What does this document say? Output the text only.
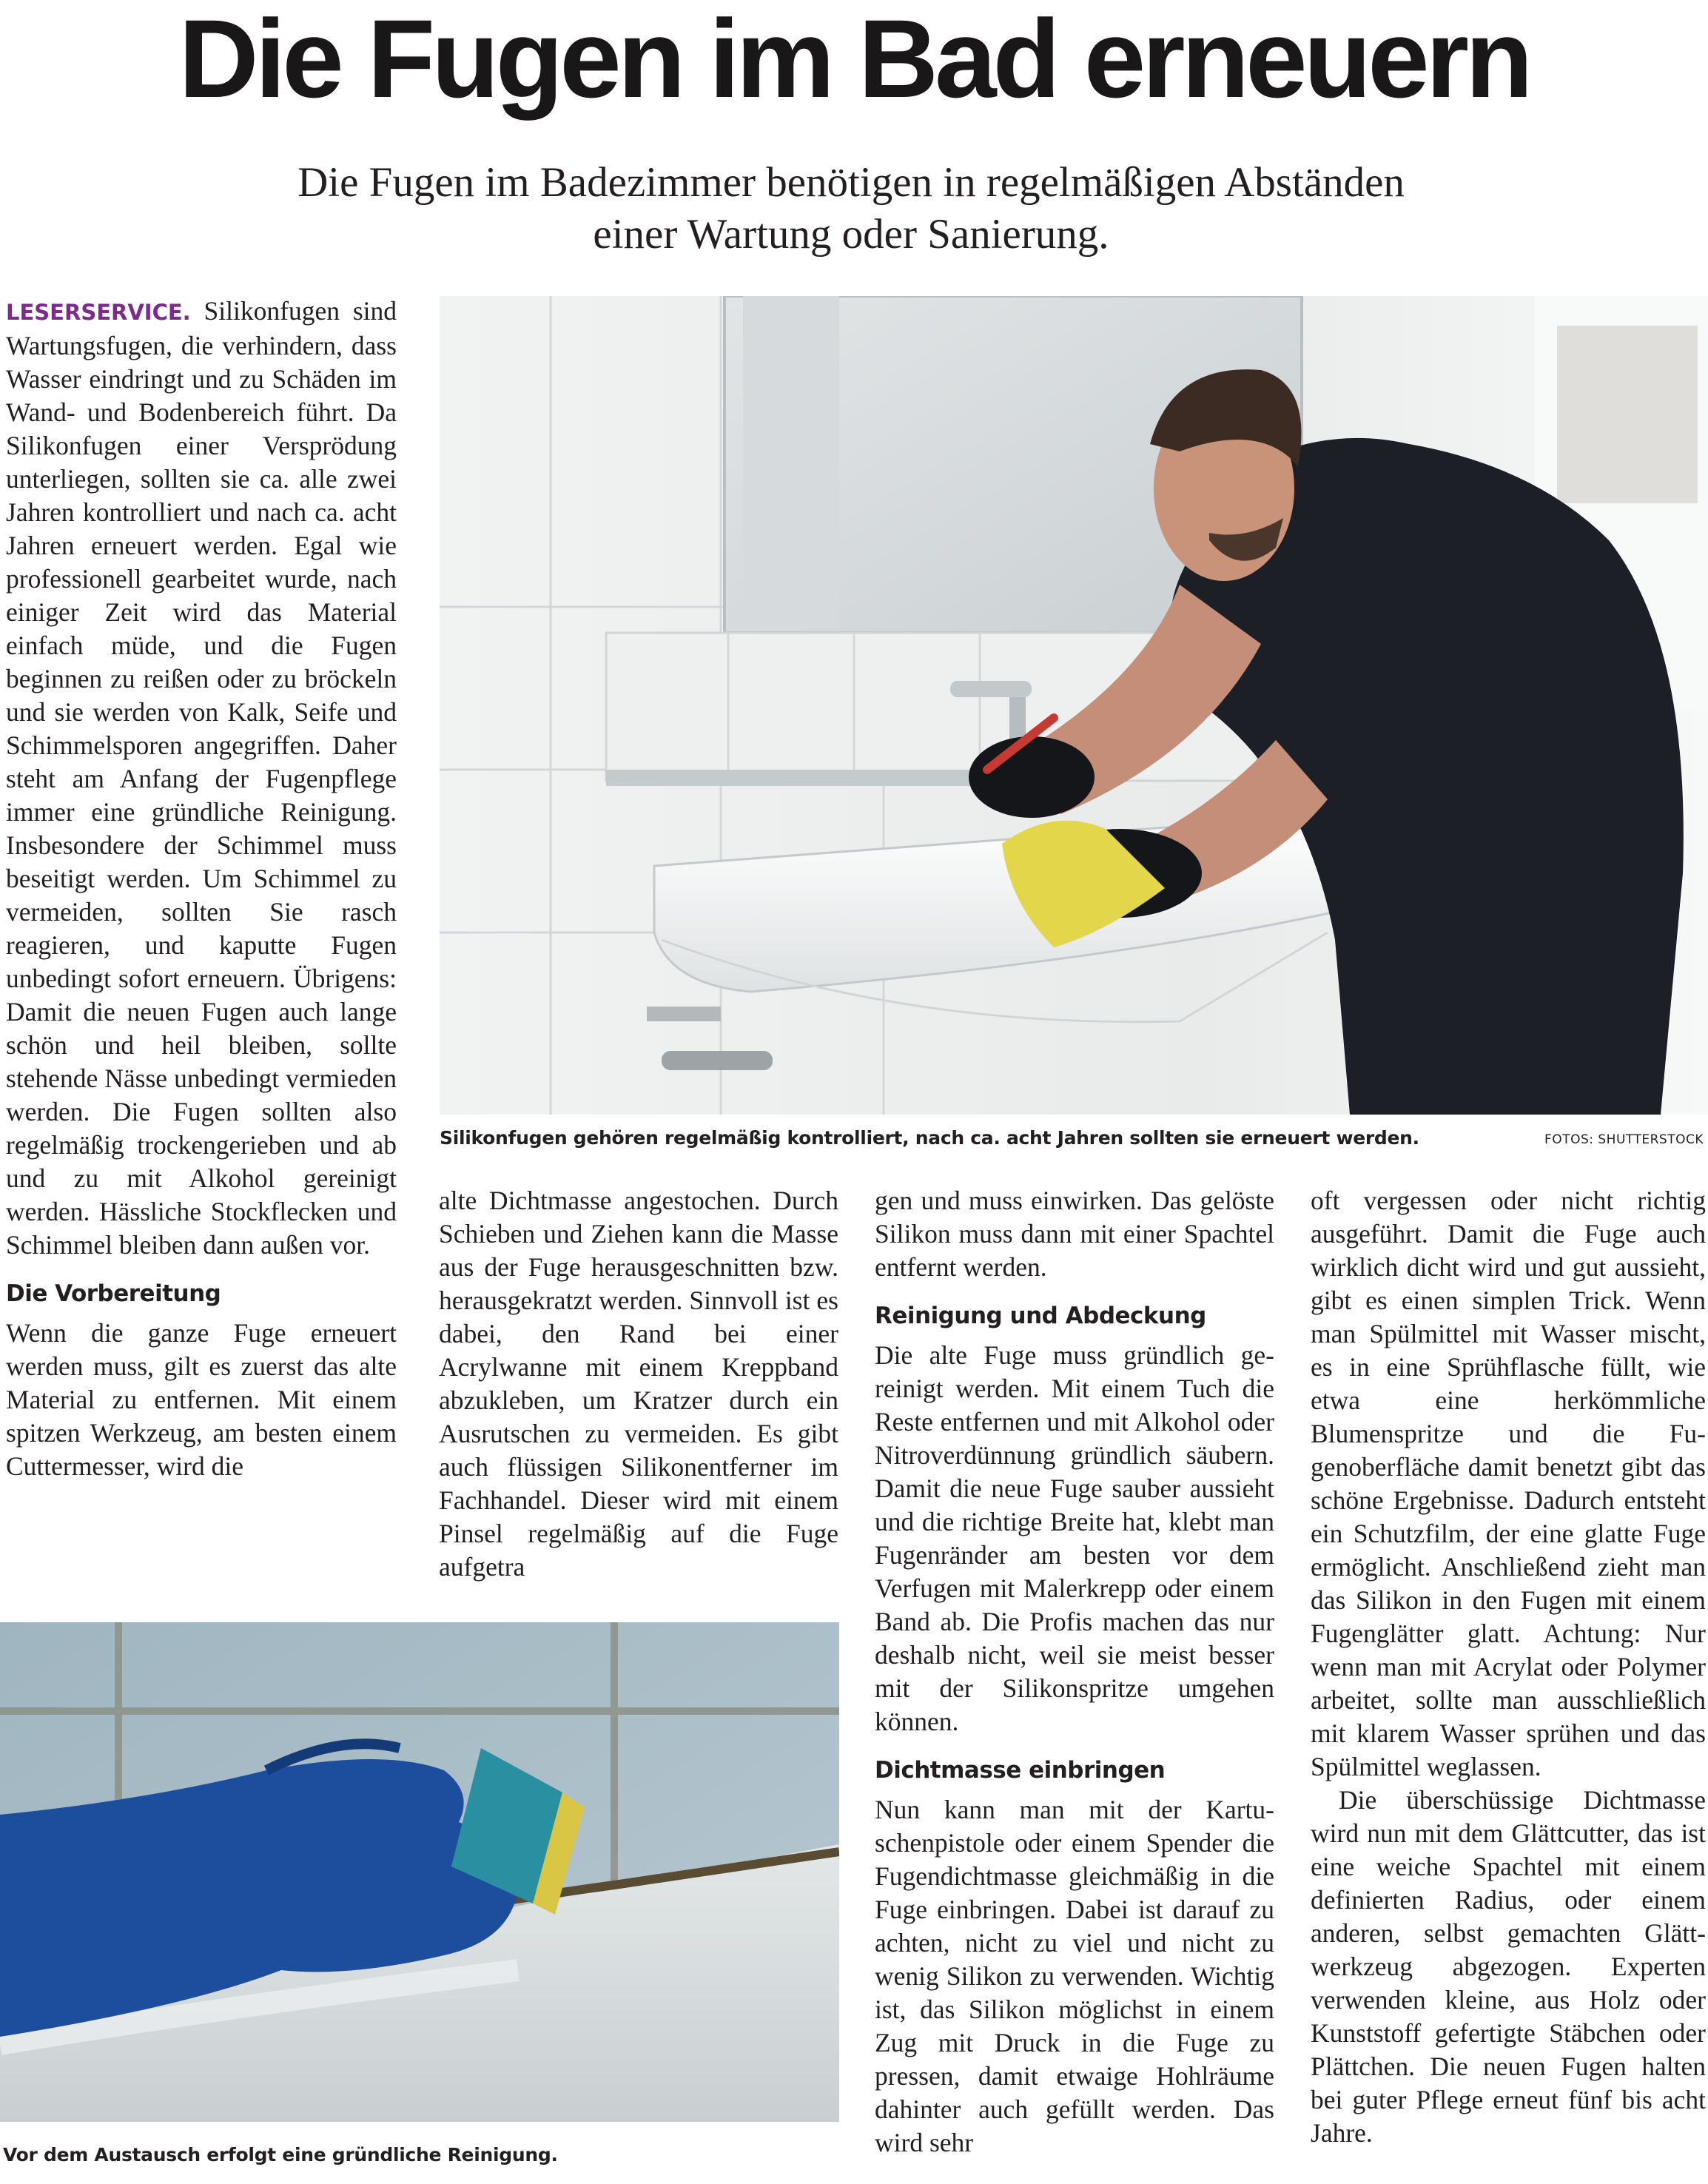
Die Fugen im Bad erneuern
Die Fugen im Badezimmer benötigen in regelmäßigen Abständen
einer Wartung oder Sanierung.

LESERSERVICE. Silikonfugen sind Wartungsfugen, die verhindern, dass Wasser eindringt und zu Schäden im Wand- und Bodenbereich führt. Da Silikonfugen einer Versprödung unterliegen, sollten sie ca. alle zwei Jahren kontrolliert und nach ca. acht Jahren erneuert werden. Egal wie professionell gearbeitet wurde, nach einiger Zeit wird das Material einfach müde, und die Fugen beginnen zu reißen oder zu bröckeln und sie werden von Kalk, Seife und Schimmelsporen angegriffen. Daher steht am Anfang der Fugenpflege immer eine gründliche Reinigung. Insbesondere der Schimmel muss beseitigt werden. Um Schimmel zu vermeiden, sollten Sie rasch reagieren, und kaputte Fugen unbedingt sofort erneuern. Übrigens: Damit die neuen Fugen auch lange schön und heil bleiben, sollte stehende Nässe unbedingt vermieden werden. Die Fugen sollten also regelmäßig trockengerieben und ab und zu mit Alkohol gereinigt werden. Hässliche Stockflecken und Schimmel bleiben dann außen vor.

Die Vorbereitung

Wenn die ganze Fuge erneuert werden muss, gilt es zuerst das alte Material zu entfernen. Mit einem spitzen Werkzeug, am besten einem Cuttermesser, wird die

Silikonfugen gehören regelmäßig kontrolliert, nach ca. acht Jahren sollten sie erneuert werden.	FOTOS: SHUTTERSTOCK

alte Dichtmasse angestochen. Durch Schieben und Ziehen kann die Masse aus der Fuge herausgeschnitten bzw. herausgekratzt werden. Sinnvoll ist es dabei, den Rand bei einer Acrylwanne mit einem Kreppband abzukleben, um Kratzer durch ein Ausrutschen zu vermeiden. Es gibt auch flüssigen Silikonentferner im Fachhandel. Dieser wird mit einem Pinsel regelmäßig auf die Fuge aufgetra

gen und muss einwirken. Das gelöste Silikon muss dann mit einer Spachtel entfernt werden.

Reinigung und Abdeckung

Die alte Fuge muss gründlich gereinigt werden. Mit einem Tuch die Reste entfernen und mit Alkohol oder Nitroverdünnung gründlich säubern. Damit die neue Fuge sauber aussieht und die richtige Breite hat, klebt man Fugenränder am besten vor dem Verfugen mit Malerkrepp oder einem Band ab. Die Profis machen das nur deshalb nicht, weil sie meist besser mit der Silikonspritze umgehen können.

Dichtmasse einbringen

Nun kann man mit der Kartuschenpistole oder einem Spender die Fugendichtmasse gleichmäßig in die Fuge einbringen. Dabei ist darauf zu achten, nicht zu viel und nicht zu wenig Silikon zu verwenden. Wichtig ist, das Silikon möglichst in einem Zug mit Druck in die Fuge zu pressen, damit etwaige Hohlräume dahinter auch gefüllt werden. Das wird sehr

oft vergessen oder nicht richtig ausgeführt. Damit die Fuge auch wirklich dicht wird und gut aussieht, gibt es einen simplen Trick. Wenn man Spülmittel mit Wasser mischt, es in eine Sprühflasche füllt, wie etwa eine herkömmliche Blumenspritze und die Fugenoberfläche damit benetzt gibt das schöne Ergebnisse. Dadurch entsteht ein Schutzfilm, der eine glatte Fuge ermöglicht. Anschließend zieht man das Silikon in den Fugen mit einem Fugenglätter glatt. Achtung: Nur wenn man mit Acrylat oder Polymer arbeitet, sollte man ausschließlich mit klarem Wasser sprühen und das Spülmittel weglassen.

Die überschüssige Dichtmasse wird nun mit dem Glättcutter, das ist eine weiche Spachtel mit einem definierten Radius, oder einem anderen, selbst gemachten Glättwerkzeug abgezogen. Experten verwenden kleine, aus Holz oder Kunststoff gefertigte Stäbchen oder Plättchen. Die neuen Fugen halten bei guter Pflege erneut fünf bis acht Jahre.

Vor dem Austausch erfolgt eine gründliche Reinigung.
